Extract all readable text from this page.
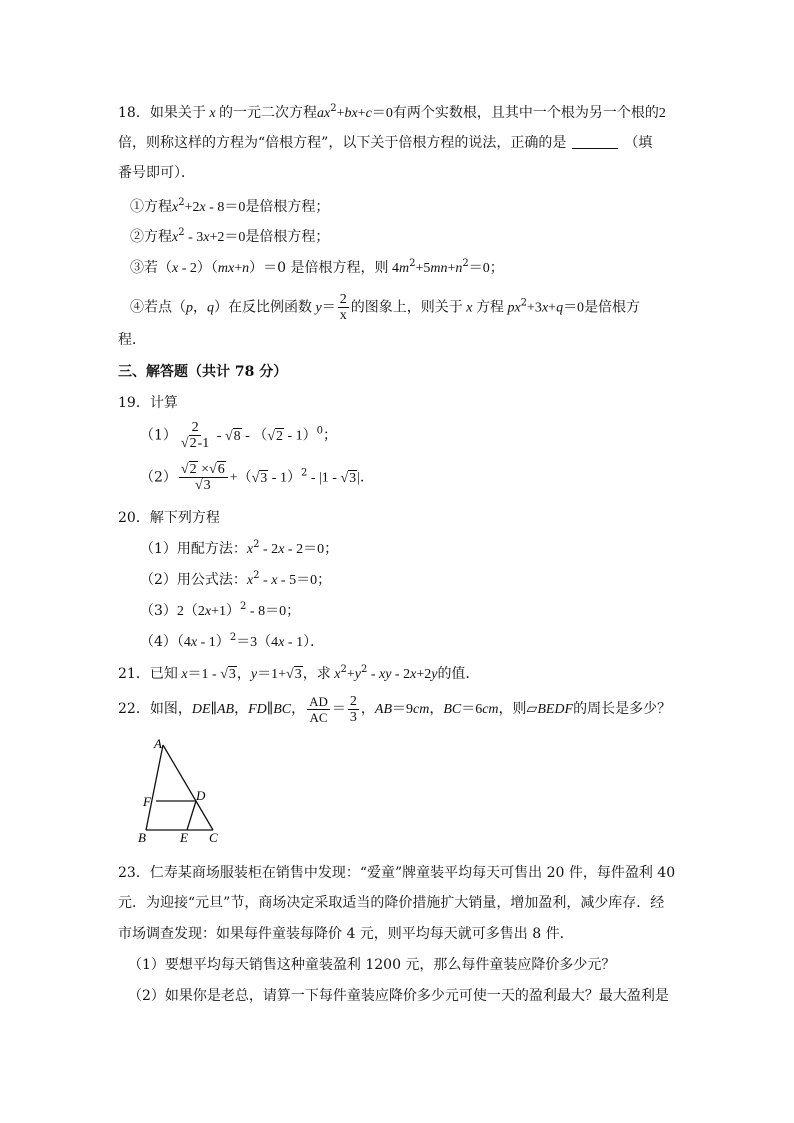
18．如果关于 x 的一元二次方程$ax^2+bx+c=0$有两个实数根，且其中一个根为另一个根的2
倍，则称这样的方程为“倍根方程”，以下关于倍根方程的说法，正确的是	（填
番号即可）．
①方程$x^2+2x - 8=0$是倍根方程；
②方程$x^2 - 3x+2=0$是倍根方程；
③若（x - 2）（mx+n）＝0 是倍根方程，则 $4m^2+5mn+n^2=0$；
④若点（p，q）在反比例函数 $y= \frac{2}{x}$ 的图象上，则关于 x 方程 $px^2+3x+q=0$是倍根方
程．
三、解答题（共计 78 分）
19．计算
$(1) \frac{2}{√2-1} - √8 - (√2 - 1)^0$；
$(2) \frac{√2 \times√6}{√3} +(√3 - 1)^2 - |1 - √3|$．
20．解下列方程
（1）用配方法：$x^2 - 2x - 2=0$；
（2）用公式法：$x^2 - x - 5=0$；
$(3)2(2x+1)^2 - 8=0$；
（4）（4x - 1）$^2$＝3（4x - 1）．
21．已知 x＝1 - √3，y＝1+√3，求 $x^2+y^2$ - xy - 2x+2y的值．
22．如图，DE∥AB，FD∥BC， $\frac{AD}{AC} = \frac{2}{3}$ ，AB＝9cm，BC＝6cm，则▱BEDF的周长是多少？
A
F	D
B	E C
23．仁寿某商场服装柜在销售中发现：“爱童”牌童装平均每天可售出 20 件，每件盈利 40
元．为迎接“元旦”节，商场决定采取适当的降价措施扩大销量，增加盈利，减少库存．经
市场调查发现：如果每件童装每降价 4 元，则平均每天就可多售出 8 件．
（1）要想平均每天销售这种童装盈利 1200 元，那么每件童装应降价多少元？
（2）如果你是老总，请算一下每件童装应降价多少元可使一天的盈利最大？最大盈利是
